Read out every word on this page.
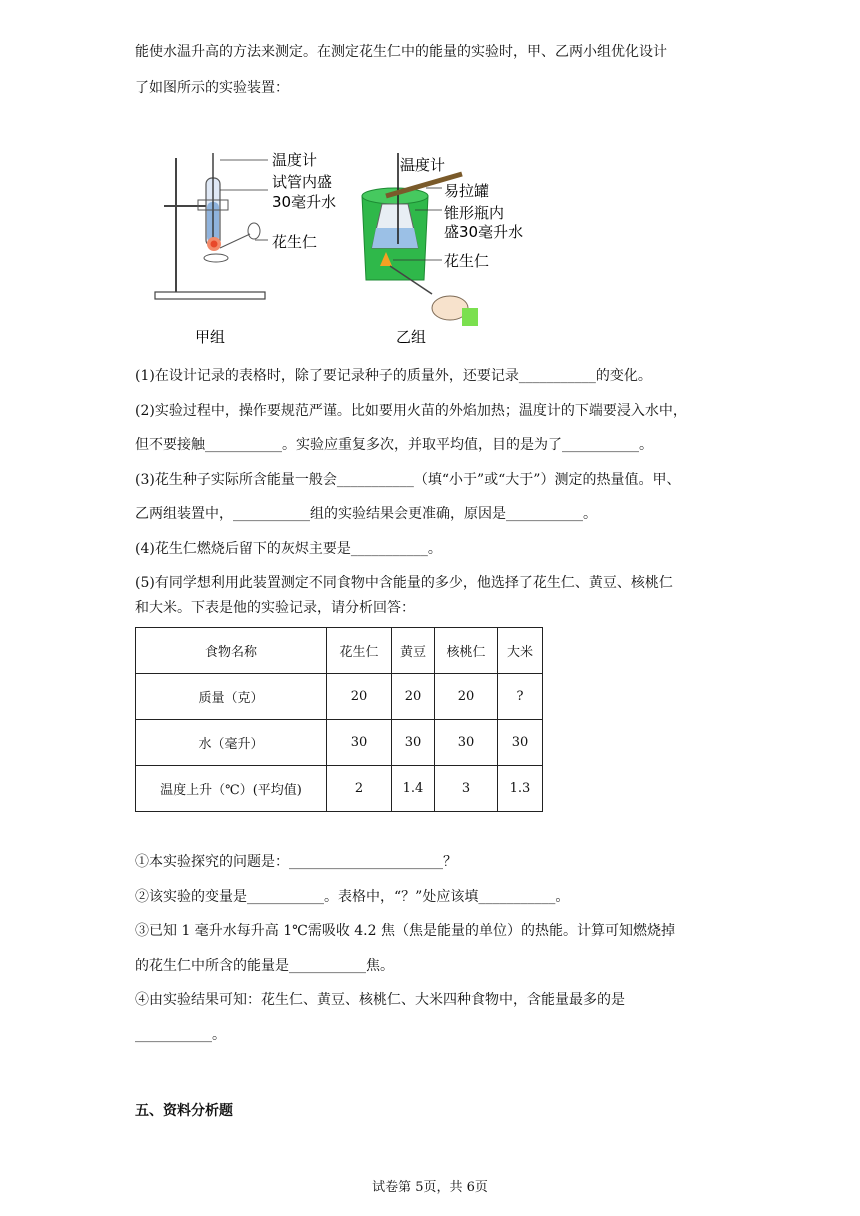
能使水温升高的方法来测定。在测定花生仁中的能量的实验时，甲、乙两小组优化设计
了如图所示的实验装置：
温度计
试管内盛
30毫升水
花生仁
甲组
温度计
易拉罐
锥形瓶内
盛30毫升水
花生仁
乙组
(1)在设计记录的表格时，除了要记录种子的质量外，还要记录___________的变化。
(2)实验过程中，操作要规范严谨。比如要用火苗的外焰加热；温度计的下端要浸入水中，
但不要接触___________。实验应重复多次，并取平均值，目的是为了___________。
(3)花生种子实际所含能量一般会___________（填“小于”或“大于”）测定的热量值。甲、
乙两组装置中，___________组的实验结果会更准确，原因是___________。
(4)花生仁燃烧后留下的灰烬主要是___________。
(5)有同学想利用此装置测定不同食物中含能量的多少，他选择了花生仁、黄豆、核桃仁
和大米。下表是他的实验记录，请分析回答：
食物名称	花生仁	黄豆	核桃仁	大米
质量（克）	20	20	20	?
水（毫升）	30	30	30	30
温度上升（℃）(平均值)	2	1.4	3	1.3
①本实验探究的问题是：______________________？
②该实验的变量是___________。表格中，“？”处应该填___________。
③已知 1 毫升水每升高 1℃需吸收 4.2 焦（焦是能量的单位）的热能。计算可知燃烧掉
的花生仁中所含的能量是___________焦。
④由实验结果可知：花生仁、黄豆、核桃仁、大米四种食物中，含能量最多的是
___________。
五、资料分析题
试卷第 5页，共 6页
